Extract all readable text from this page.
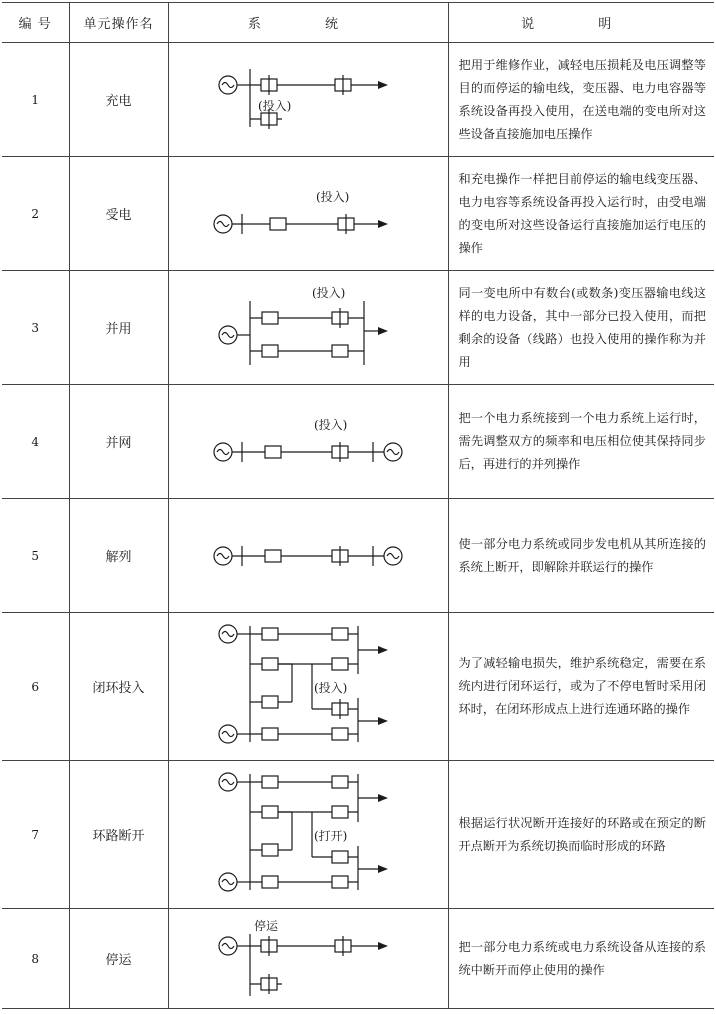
编 号	单元操作名	系 统	说 明
1	充电	(投入)	把用于维修作业，减轻电压损耗及电压调整等目的而停运的输电线，变压器、电力电容器等系统设备再投入使用，在送电端的变电所对这些设备直接施加电压操作
2	受电	(投入)	和充电操作一样把目前停运的输电线变压器、电力电容等系统设备再投入运行时，由受电端的变电所对这些设备运行直接施加运行电压的操作
3	并用	(投入)	同一变电所中有数台(或数条)变压器输电线这样的电力设备，其中一部分已投入使用，而把剩余的设备（线路）也投入使用的操作称为并用
4	并网	(投入)	把一个电力系统接到一个电力系统上运行时，需先调整双方的频率和电压相位使其保持同步后，再进行的并列操作
5	解列		使一部分电力系统或同步发电机从其所连接的系统上断开，即解除并联运行的操作
6	闭环投入	(投入)	为了减轻输电损失，维护系统稳定，需要在系统内进行闭环运行，或为了不停电暂时采用闭环时，在闭环形成点上进行连通环路的操作
7	环路断开	(打开)	根据运行状况断开连接好的环路或在预定的断开点断开为系统切换而临时形成的环路
8	停运	停运	把一部分电力系统或电力系统设备从连接的系统中断开而停止使用的操作
